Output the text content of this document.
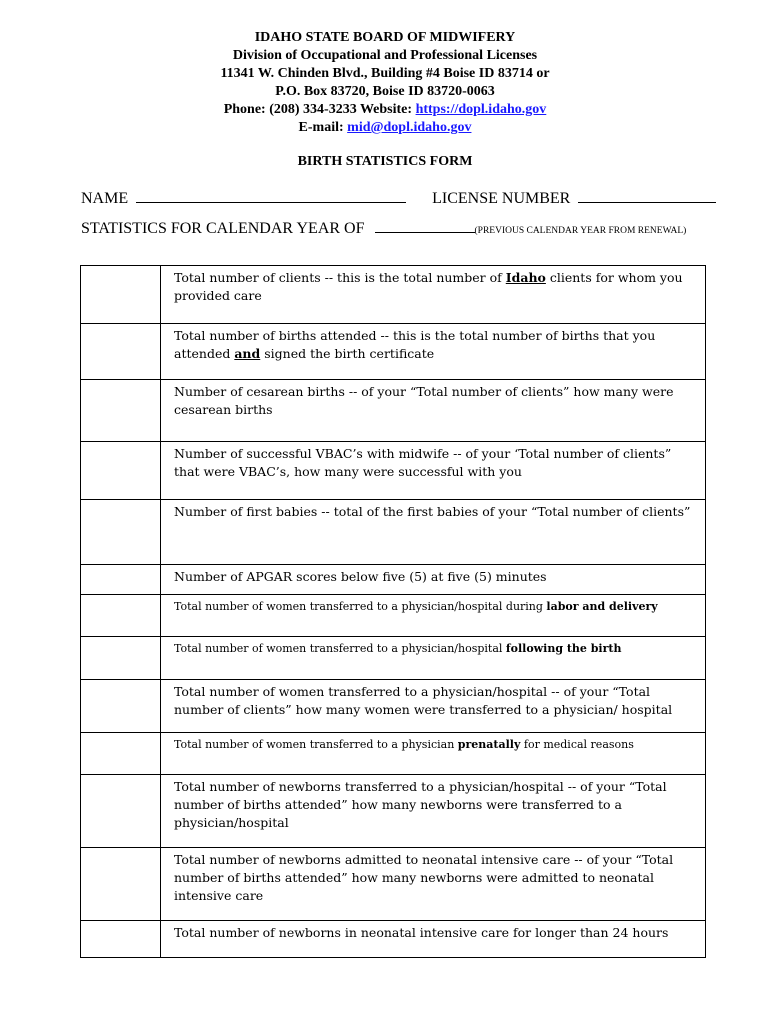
IDAHO STATE BOARD OF MIDWIFERY
Division of Occupational and Professional Licenses
11341 W. Chinden Blvd., Building #4 Boise ID 83714 or
P.O. Box 83720, Boise ID 83720-0063
Phone: (208) 334-3233 Website: https://dopl.idaho.gov
E-mail: mid@dopl.idaho.gov
BIRTH STATISTICS FORM
NAME	LICENSE NUMBER
STATISTICS FOR CALENDAR YEAR OF	(PREVIOUS CALENDAR YEAR FROM RENEWAL)
	Total number of clients -- this is the total number of Idaho clients for whom you provided care
	Total number of births attended -- this is the total number of births that you attended and signed the birth certificate
	Number of cesarean births -- of your “Total number of clients” how many were cesarean births
	Number of successful VBAC’s with midwife -- of your ‘Total number of clients” that were VBAC’s, how many were successful with you
	Number of first babies -- total of the first babies of your “Total number of clients”
	Number of APGAR scores below five (5) at five (5) minutes
	Total number of women transferred to a physician/hospital during labor and delivery
	Total number of women transferred to a physician/hospital following the birth
	Total number of women transferred to a physician/hospital -- of your “Total number of clients” how many women were transferred to a physician/ hospital
	Total number of women transferred to a physician prenatally for medical reasons
	Total number of newborns transferred to a physician/hospital -- of your “Total number of births attended” how many newborns were transferred to a physician/hospital
	Total number of newborns admitted to neonatal intensive care -- of your “Total number of births attended” how many newborns were admitted to neonatal intensive care
	Total number of newborns in neonatal intensive care for longer than 24 hours
